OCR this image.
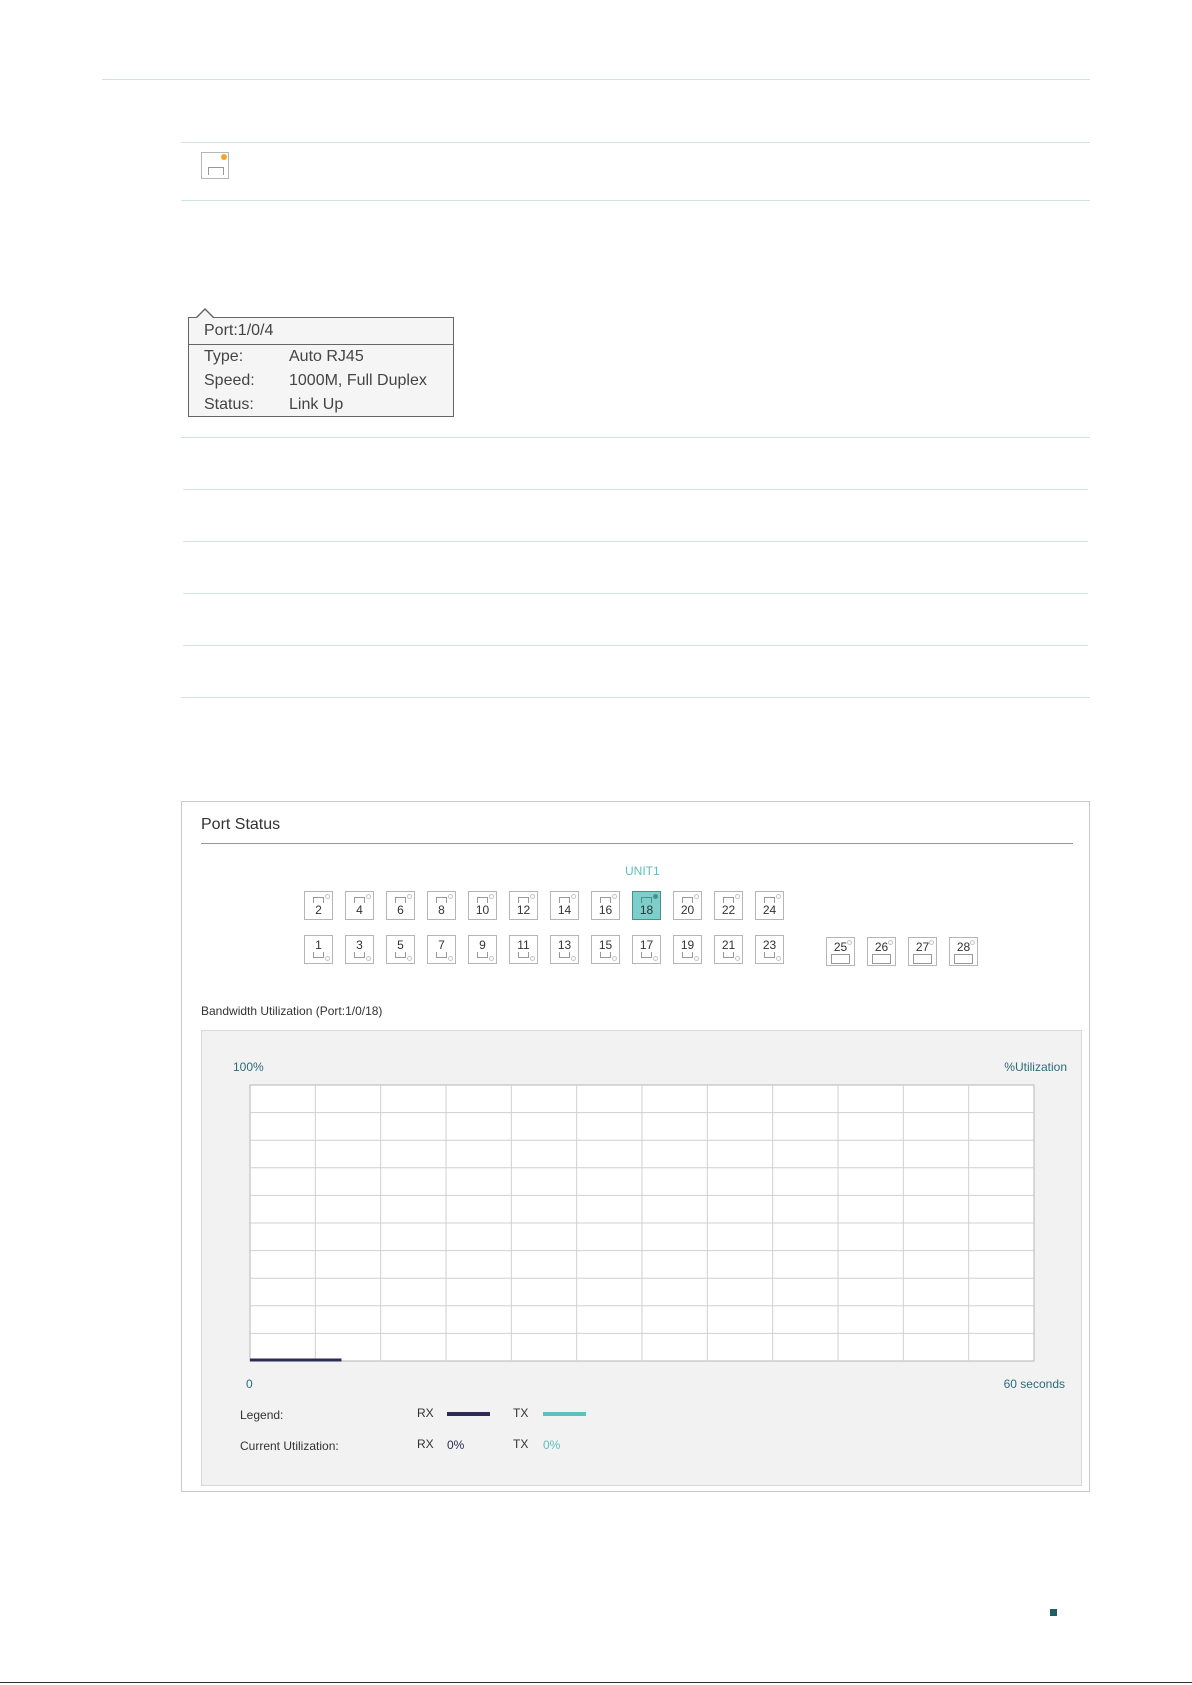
Port:1/0/4
Type:	Auto RJ45
Speed: 1000M, Full Duplex
Status: Link Up
Port Status
UNIT1
2	4	6	8	10	12	14	16	18	20	22	24
1	3	5	7	9	11	13	15	17	19	21	23	25	26	27	28
Bandwidth Utilization (Port:1/0/18)
100%	%Utilization
0	60 seconds
Legend:	RX	TX
Current Utilization:	RX 0%	TX 0%
